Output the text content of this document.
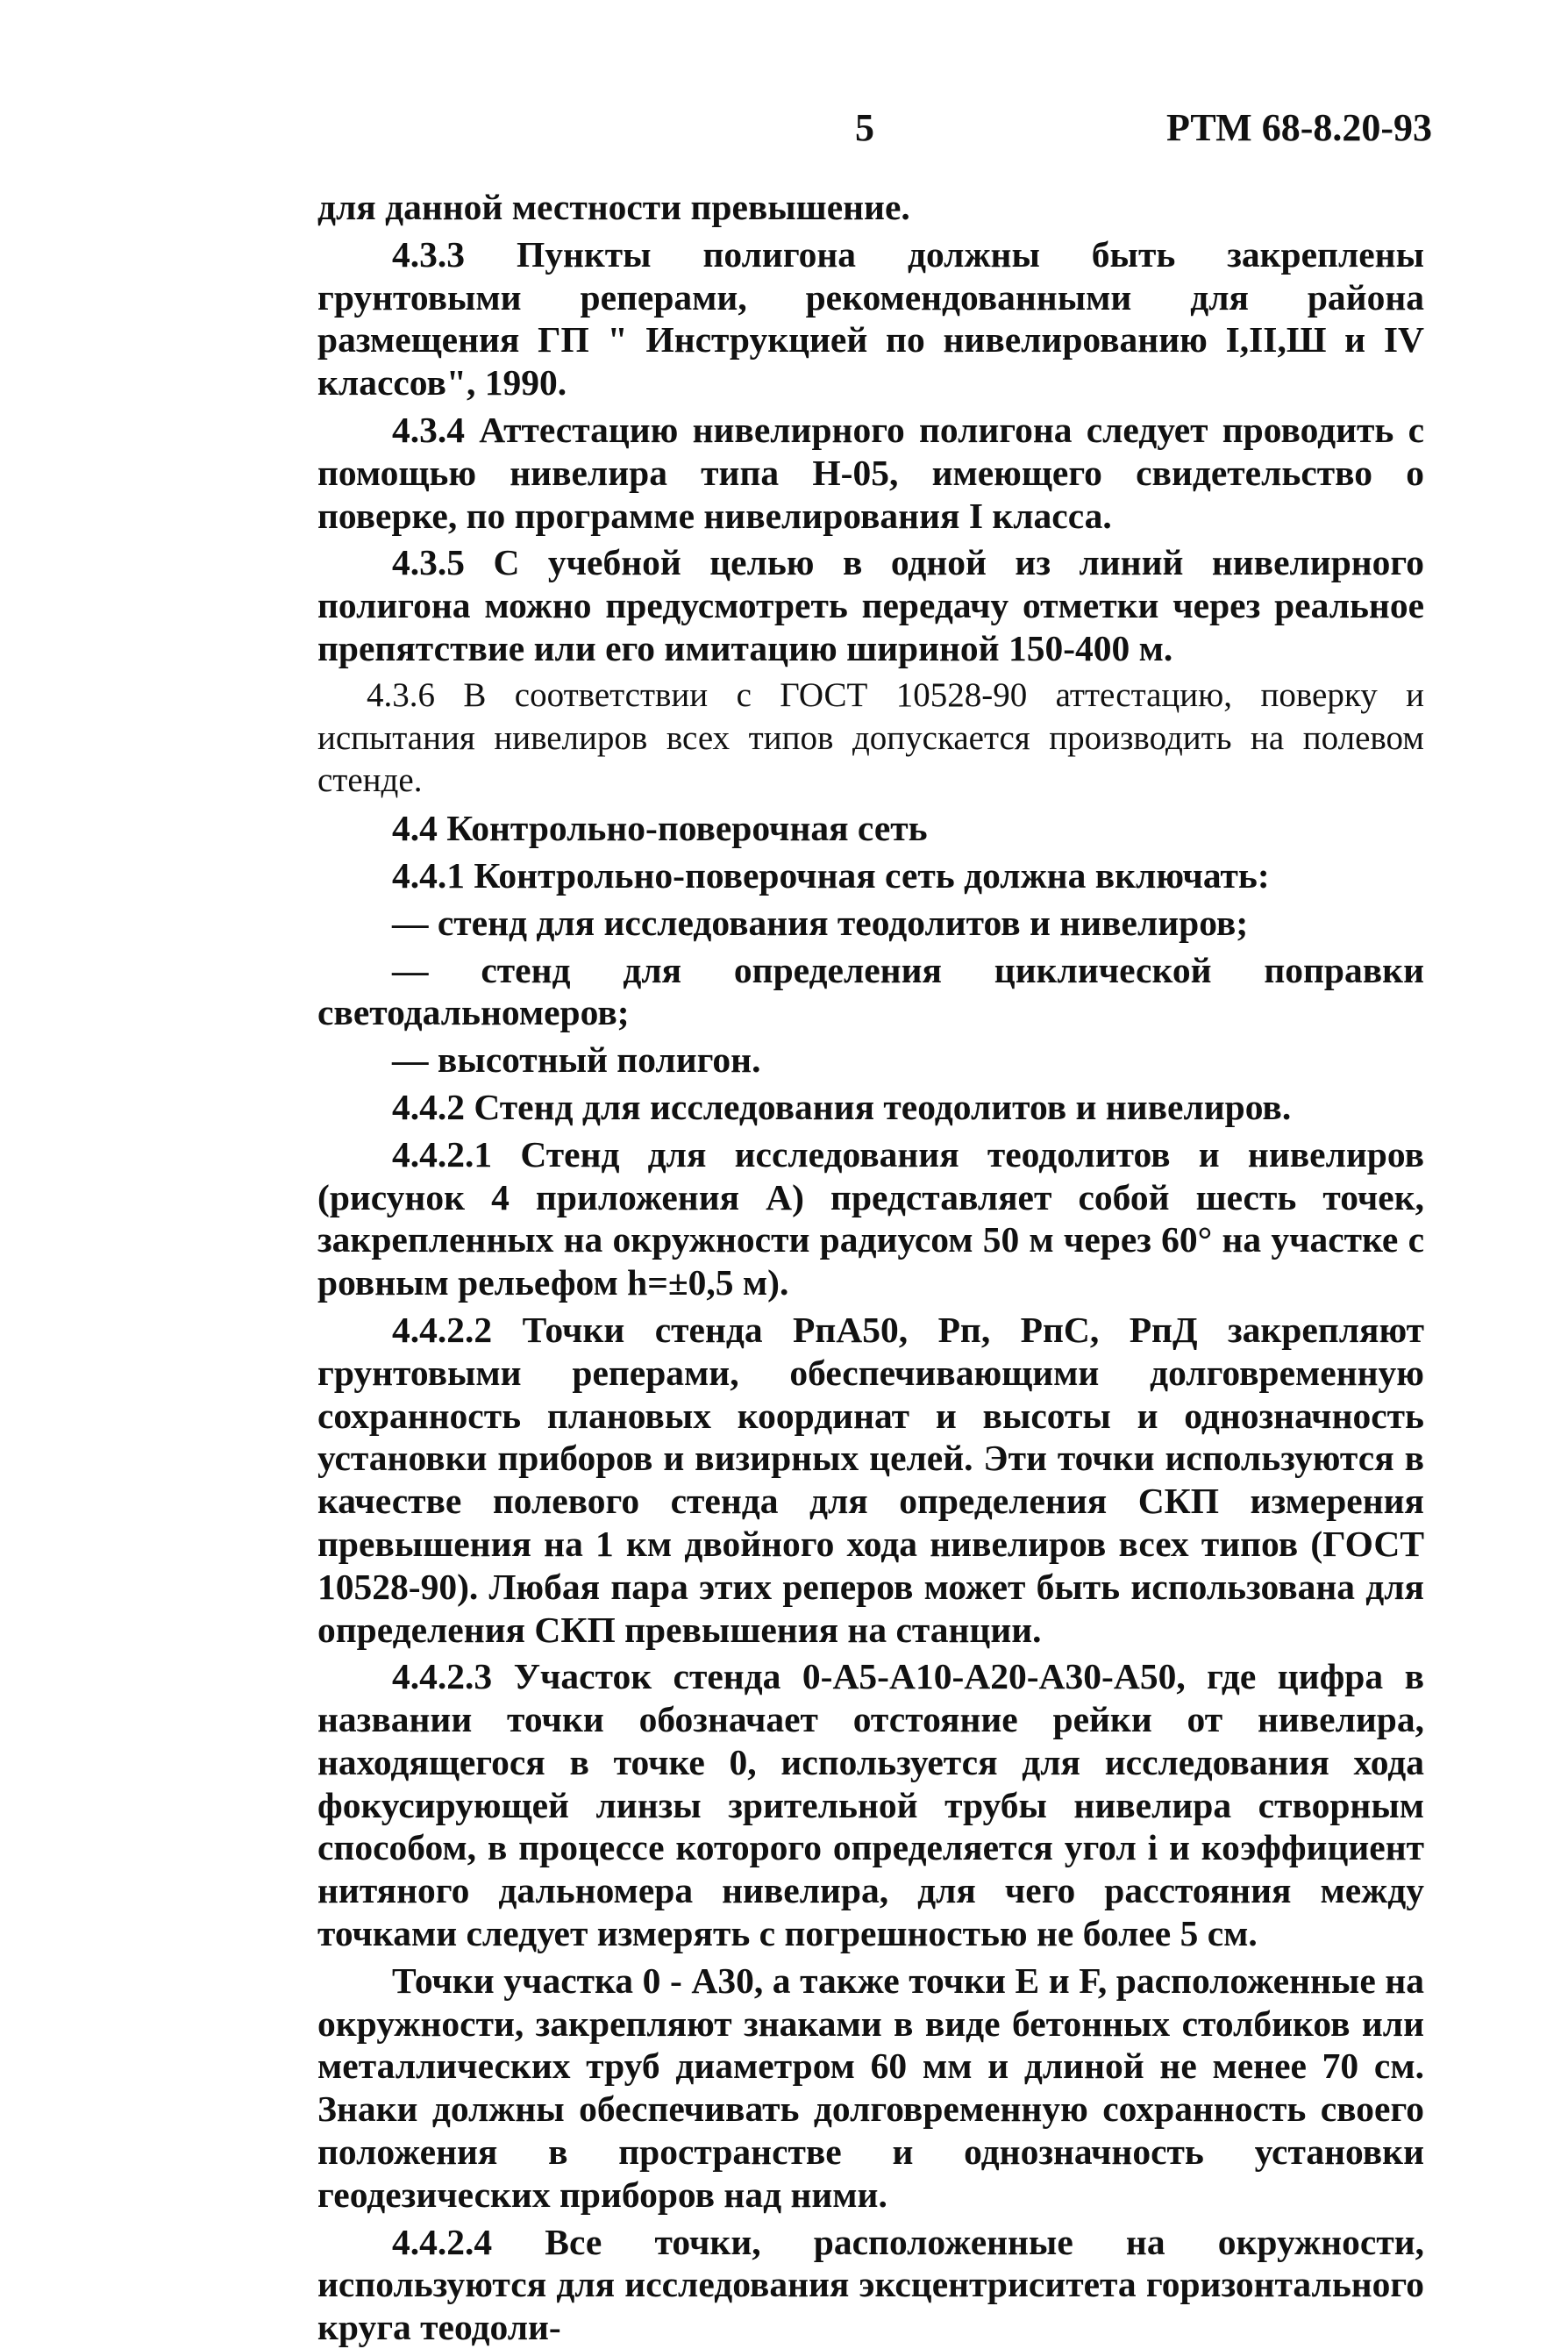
5	РТМ 68-8.20-93

для данной местности превышение.

4.3.3 Пункты полигона должны быть закреплены грунтовыми реперами, рекомендованными для района размещения ГП " Инструкцией по нивелированию I,II,Ш и IV классов", 1990.

4.3.4 Аттестацию нивелирного полигона следует проводить с помощью нивелира типа Н-05, имеющего свидетельство о поверке, по программе нивелирования I класса.

4.3.5 С учебной целью в одной из линий нивелирного полигона можно предусмотреть передачу отметки через реальное препятствие или его имитацию шириной 150-400 м.

4.3.6 В соответствии с ГОСТ 10528-90 аттестацию, поверку и испытания нивелиров всех типов допускается производить на полевом стенде.

4.4 Контрольно-поверочная сеть

4.4.1 Контрольно-поверочная сеть должна включать:

— стенд для исследования теодолитов и нивелиров;

— стенд для определения циклической поправки светодальномеров;

— высотный полигон.

4.4.2 Стенд для исследования теодолитов и нивелиров.

4.4.2.1 Стенд для исследования теодолитов и нивелиров (рисунок 4 приложения А) представляет собой шесть точек, закрепленных на окружности радиусом 50 м через 60° на участке с ровным рельефом h=±0,5 м).

4.4.2.2 Точки стенда РпА50, Рп, РпС, РпД закрепляют грунтовыми реперами, обеспечивающими долговременную сохранность плановых координат и высоты и однозначность установки приборов и визирных целей. Эти точки используются в качестве полевого стенда для определения СКП измерения превышения на 1 км двойного хода нивелиров всех типов (ГОСТ 10528-90). Любая пара этих реперов может быть использована для определения СКП превышения на станции.

4.4.2.3 Участок стенда 0-А5-А10-А20-А30-А50, где цифра в названии точки обозначает отстояние рейки от нивелира, находящегося в точке 0, используется для исследования хода фокусирующей линзы зрительной трубы нивелира створным способом, в процессе которого определяется угол i и коэффициент нитяного дальномера нивелира, для чего расстояния между точками следует измерять с погрешностью не более 5 см.

Точки участка 0 - А30, а также точки Е и F, расположенные на окружности, закрепляют знаками в виде бетонных столбиков или металлических труб диаметром 60 мм и длиной не менее 70 см. Знаки должны обеспечивать долговременную сохранность своего положения в пространстве и однозначность установки геодезических приборов над ними.

4.4.2.4 Все точки, расположенные на окружности, используются для исследования эксцентриситета горизонтального круга теодоли-
